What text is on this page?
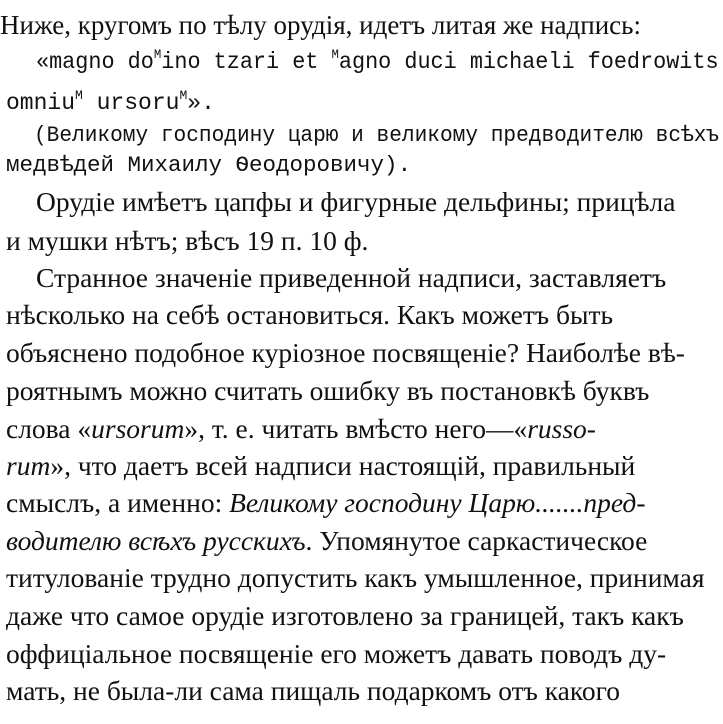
Ниже, кругомъ по тѣлу орудія, идетъ литая же надпись:
«magno $do^Mino$ tzari et $^M$agno duci michaeli foedrowits
omniu$^M$ ursoru$^M$».
(Великому господину царю и великому предводителю всѣхъ
медвѣдей Михаилу Ѳеодоровичу).
Орудіе имѣетъ цапфы и фигурные дельфины; прицѣла
и мушки нѣтъ; вѣсъ 19 п. 10 ф.
Странное значеніе приведенной надписи, заставляетъ
нѣсколько на себѣ остановиться. Какъ можетъ быть
объяснено подобное куріозное посвященіе? Наиболѣе вѣ-
роятнымъ можно считать ошибку въ постановкѣ буквъ
слова «ursorum», т. е. читать вмѣсто него—«russo-
rum», что даетъ всей надписи настоящій, правильный
смыслъ, а именно: Великому господину Царю.......пред-
водителю всѣхъ русскихъ. Упомянутое саркастическое
титулованіе трудно допустить какъ умышленное, принимая
даже что самое орудіе изготовлено за границей, такъ какъ
оффиціальное посвященіе его можетъ давать поводъ ду-
мать, не была-ли сама пищаль подаркомъ отъ какого
